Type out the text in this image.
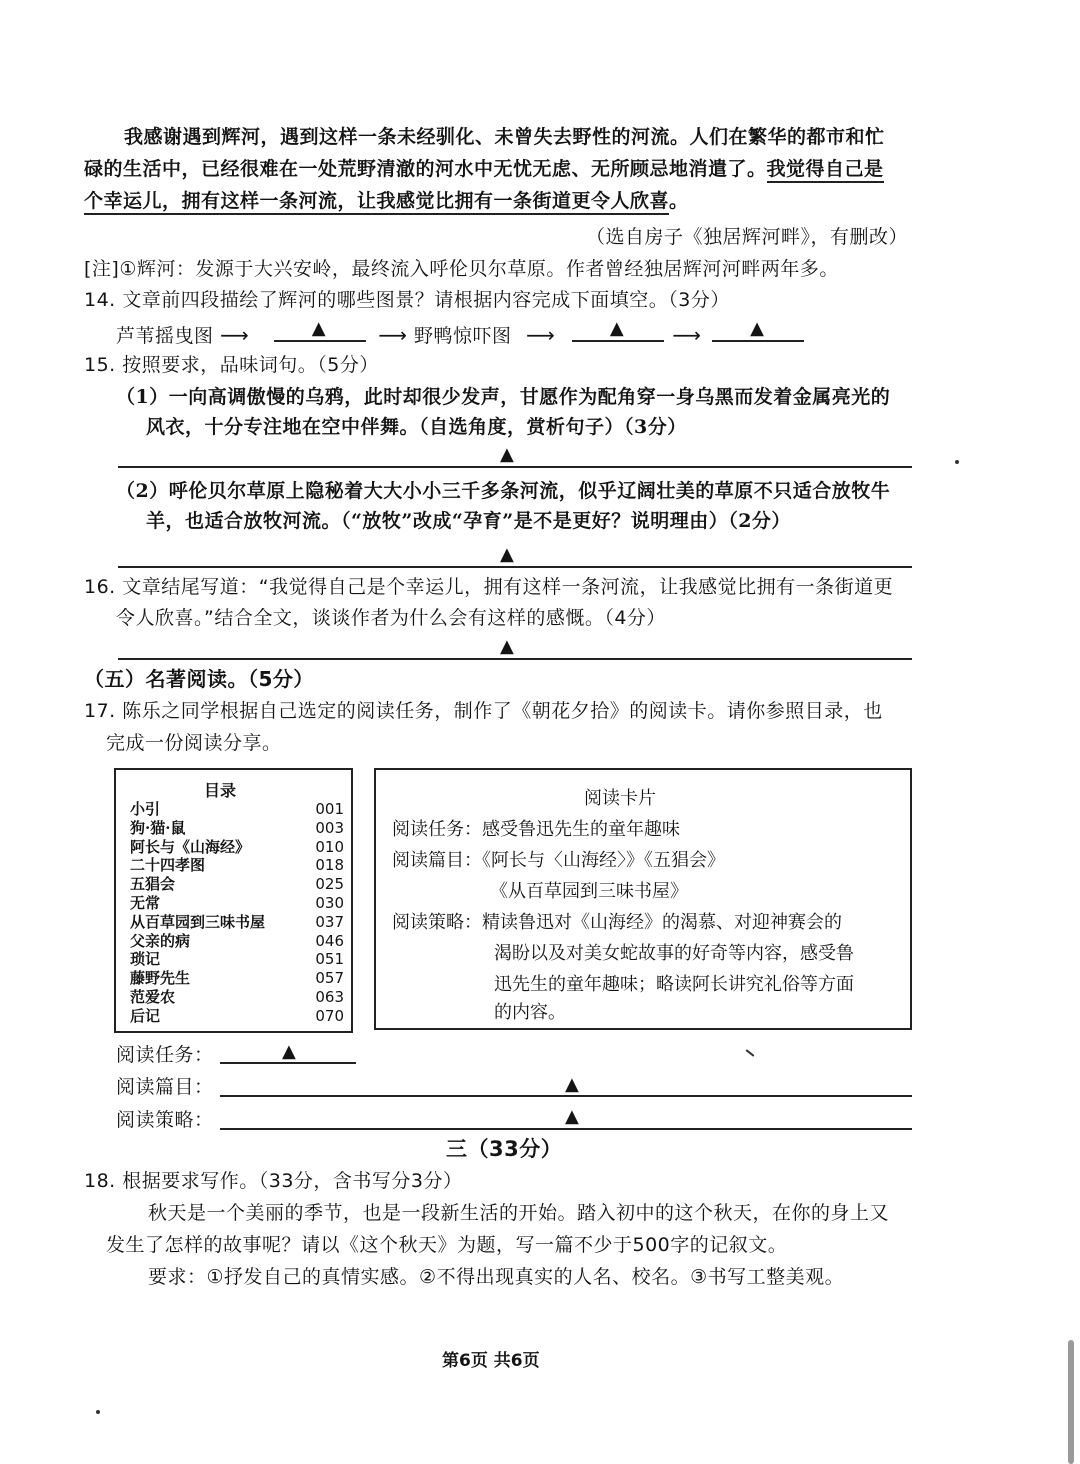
我感谢遇到辉河，遇到这样一条未经驯化、未曾失去野性的河流。人们在繁华的都市和忙
碌的生活中，已经很难在一处荒野清澈的河水中无忧无虑、无所顾忌地消遣了。我觉得自己是
个幸运儿，拥有这样一条河流，让我感觉比拥有一条街道更令人欣喜。
（选自房子《独居辉河畔》，有删改）
[注]①辉河：发源于大兴安岭，最终流入呼伦贝尔草原。作者曾经独居辉河河畔两年多。
14. 文章前四段描绘了辉河的哪些图景？请根据内容完成下面填空。（3分）
芦苇摇曳图 ⟶	▲	⟶ 野鸭惊吓图 ⟶	▲ ⟶	▲
15. 按照要求，品味词句。（5分）
（1）一向高调傲慢的乌鸦，此时却很少发声，甘愿作为配角穿一身乌黑而发着金属亮光的
风衣，十分专注地在空中伴舞。（自选角度，赏析句子）（3分）
▲
（2）呼伦贝尔草原上隐秘着大大小小三千多条河流，似乎辽阔壮美的草原不只适合放牧牛
羊，也适合放牧河流。（“放牧”改成“孕育”是不是更好？说明理由）（2分）
▲
16. 文章结尾写道：“我觉得自己是个幸运儿，拥有这样一条河流，让我感觉比拥有一条街道更
令人欣喜。”结合全文，谈谈作者为什么会有这样的感慨。（4分）
▲
（五）名著阅读。（5分）
17. 陈乐之同学根据自己选定的阅读任务，制作了《朝花夕拾》的阅读卡。请你参照目录，也
完成一份阅读分享。
目录
小引	001
狗·猫·鼠	003
阿长与《山海经》	010
二十四孝图	018
五猖会	025
无常	030
从百草园到三味书屋	037
父亲的病	046
琐记	051
藤野先生	057
范爱农	063
后记	070
阅读卡片
阅读任务：感受鲁迅先生的童年趣味
阅读篇目：《阿长与〈山海经〉》《五猖会》
《从百草园到三味书屋》
阅读策略：精读鲁迅对《山海经》的渴慕、对迎神赛会的
渴盼以及对美女蛇故事的好奇等内容，感受鲁
迅先生的童年趣味；略读阿长讲究礼俗等方面
的内容。
阅读任务：	▲
阅读篇目：	▲
阅读策略：	▲
三（33分）
18. 根据要求写作。（33分，含书写分3分）
秋天是一个美丽的季节，也是一段新生活的开始。踏入初中的这个秋天，在你的身上又
发生了怎样的故事呢？请以《这个秋天》为题，写一篇不少于500字的记叙文。
要求：①抒发自己的真情实感。②不得出现真实的人名、校名。③书写工整美观。
第6页 共6页
